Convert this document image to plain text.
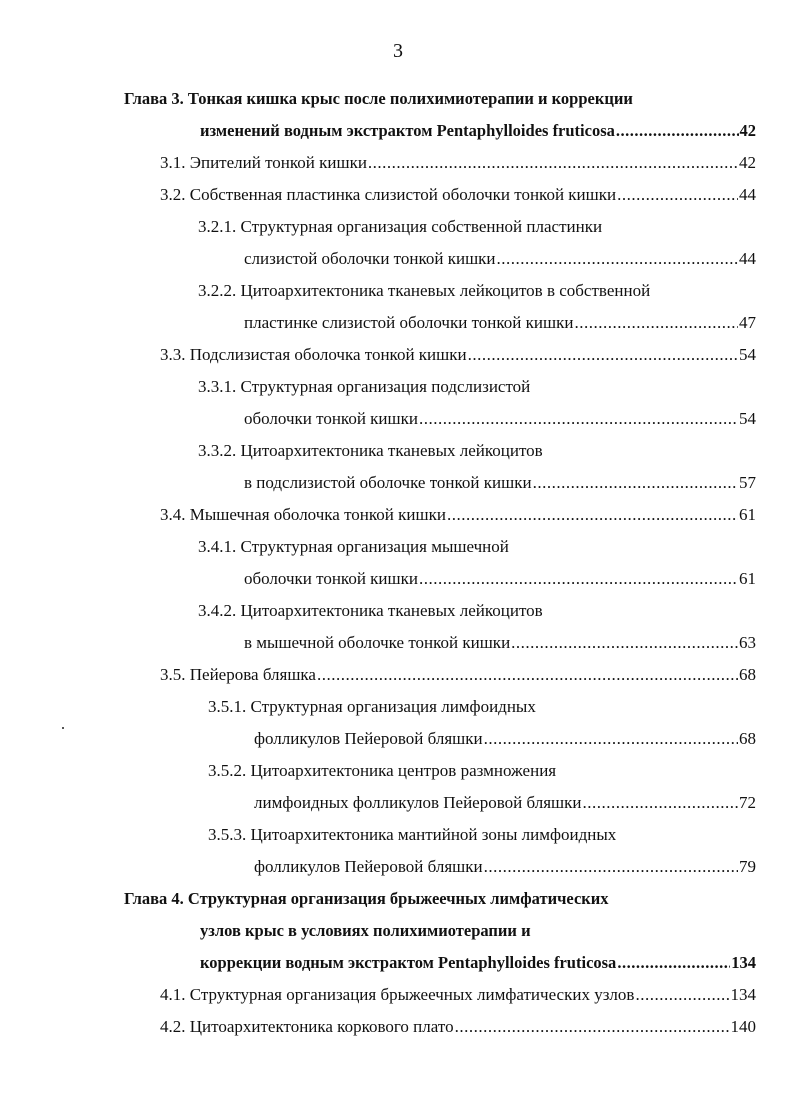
3
Глава 3. Тонкая кишка крыс после полихимиотерапии и коррекции
изменений водным экстрактом Pentaphylloides fruticosa .....	42
3.1. Эпителий тонкой кишки .....	42
3.2. Собственная пластинка слизистой оболочки тонкой кишки .....	44
3.2.1. Структурная организация собственной пластинки
слизистой оболочки тонкой кишки .....	44
3.2.2. Цитоархитектоника тканевых лейкоцитов в собственной
пластинке слизистой оболочки тонкой кишки .....	47
3.3. Подслизистая оболочка тонкой кишки .....	54
3.3.1. Структурная организация подслизистой
оболочки тонкой кишки .....	54
3.3.2. Цитоархитектоника тканевых лейкоцитов
в подслизистой оболочке тонкой кишки .....	57
3.4. Мышечная оболочка тонкой кишки .....	61
3.4.1. Структурная организация мышечной
оболочки тонкой кишки .....	61
3.4.2. Цитоархитектоника тканевых лейкоцитов
в мышечной оболочке тонкой кишки .....	63
3.5. Пейерова бляшка .....	68
3.5.1. Структурная организация лимфоидных
фолликулов Пейеровой бляшки .....	68
3.5.2. Цитоархитектоника центров размножения
лимфоидных фолликулов Пейеровой бляшки .....	72
3.5.3. Цитоархитектоника мантийной зоны лимфоидных
фолликулов Пейеровой бляшки .....	79
Глава 4. Структурная организация брыжеечных лимфатических
узлов крыс в условиях полихимиотерапии и
коррекции водным экстрактом Pentaphylloides fruticosa .....	134
4.1. Структурная организация брыжеечных лимфатических узлов .....	134
4.2. Цитоархитектоника коркового плато .....	140
